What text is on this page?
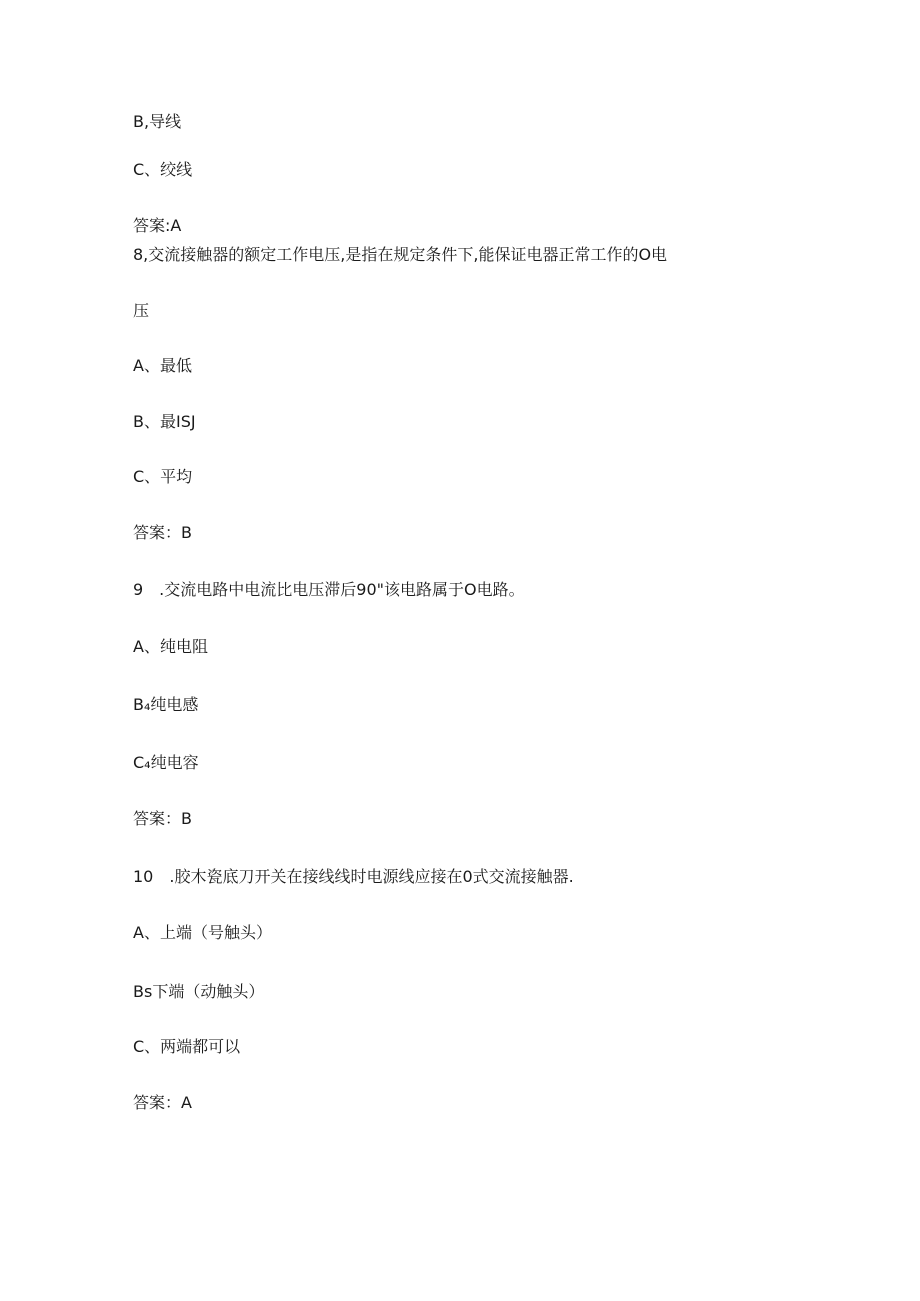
B,导线
C、绞线
答案:A
8,交流接触器的额定工作电压,是指在规定条件下,能保证电器正常工作的O电
压
A、最低
B、最ISJ
C、平均
答案：B
9　.交流电路中电流比电压滞后90"该电路属于O电路。
A、纯电阻
B₄纯电感
C₄纯电容
答案：B
10　.胶木瓷底刀开关在接线线时电源线应接在0式交流接触器.
A、上端（号触头）
Bs下端（动触头）
C、两端都可以
答案：A
